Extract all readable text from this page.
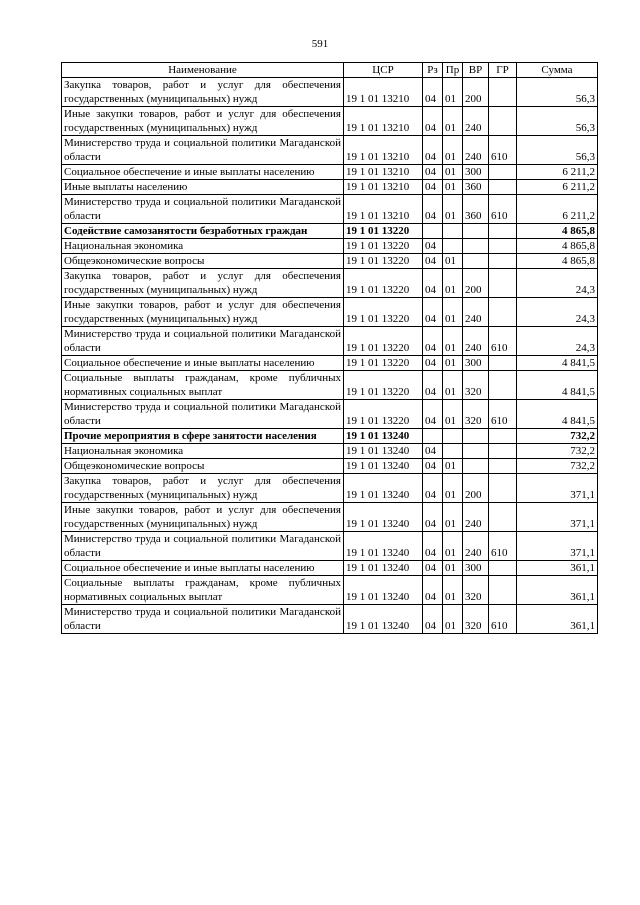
591
Наименование	ЦСР	Рз	Пр	ВР	ГР	Сумма
Закупка товаров, работ и услуг для обеспечения государственных (муниципальных) нужд	19 1 01 13210	04	01	200		56,3
Иные закупки товаров, работ и услуг для обеспечения государственных (муниципальных) нужд	19 1 01 13210	04	01	240		56,3
Министерство труда и социальной политики Магаданской области	19 1 01 13210	04	01	240	610	56,3
Социальное обеспечение и иные выплаты населению	19 1 01 13210	04	01	300		6 211,2
Иные выплаты населению	19 1 01 13210	04	01	360		6 211,2
Министерство труда и социальной политики Магаданской области	19 1 01 13210	04	01	360	610	6 211,2
Содействие самозанятости безработных граждан	19 1 01 13220					4 865,8
Национальная экономика	19 1 01 13220	04				4 865,8
Общеэкономические вопросы	19 1 01 13220	04	01			4 865,8
Закупка товаров, работ и услуг для обеспечения государственных (муниципальных) нужд	19 1 01 13220	04	01	200		24,3
Иные закупки товаров, работ и услуг для обеспечения государственных (муниципальных) нужд	19 1 01 13220	04	01	240		24,3
Министерство труда и социальной политики Магаданской области	19 1 01 13220	04	01	240	610	24,3
Социальное обеспечение и иные выплаты населению	19 1 01 13220	04	01	300		4 841,5
Социальные выплаты гражданам, кроме публичных нормативных социальных выплат	19 1 01 13220	04	01	320		4 841,5
Министерство труда и социальной политики Магаданской области	19 1 01 13220	04	01	320	610	4 841,5
Прочие мероприятия в сфере занятости населения	19 1 01 13240					732,2
Национальная экономика	19 1 01 13240	04				732,2
Общеэкономические вопросы	19 1 01 13240	04	01			732,2
Закупка товаров, работ и услуг для обеспечения государственных (муниципальных) нужд	19 1 01 13240	04	01	200		371,1
Иные закупки товаров, работ и услуг для обеспечения государственных (муниципальных) нужд	19 1 01 13240	04	01	240		371,1
Министерство труда и социальной политики Магаданской области	19 1 01 13240	04	01	240	610	371,1
Социальное обеспечение и иные выплаты населению	19 1 01 13240	04	01	300		361,1
Социальные выплаты гражданам, кроме публичных нормативных социальных выплат	19 1 01 13240	04	01	320		361,1
Министерство труда и социальной политики Магаданской области	19 1 01 13240	04	01	320	610	361,1
